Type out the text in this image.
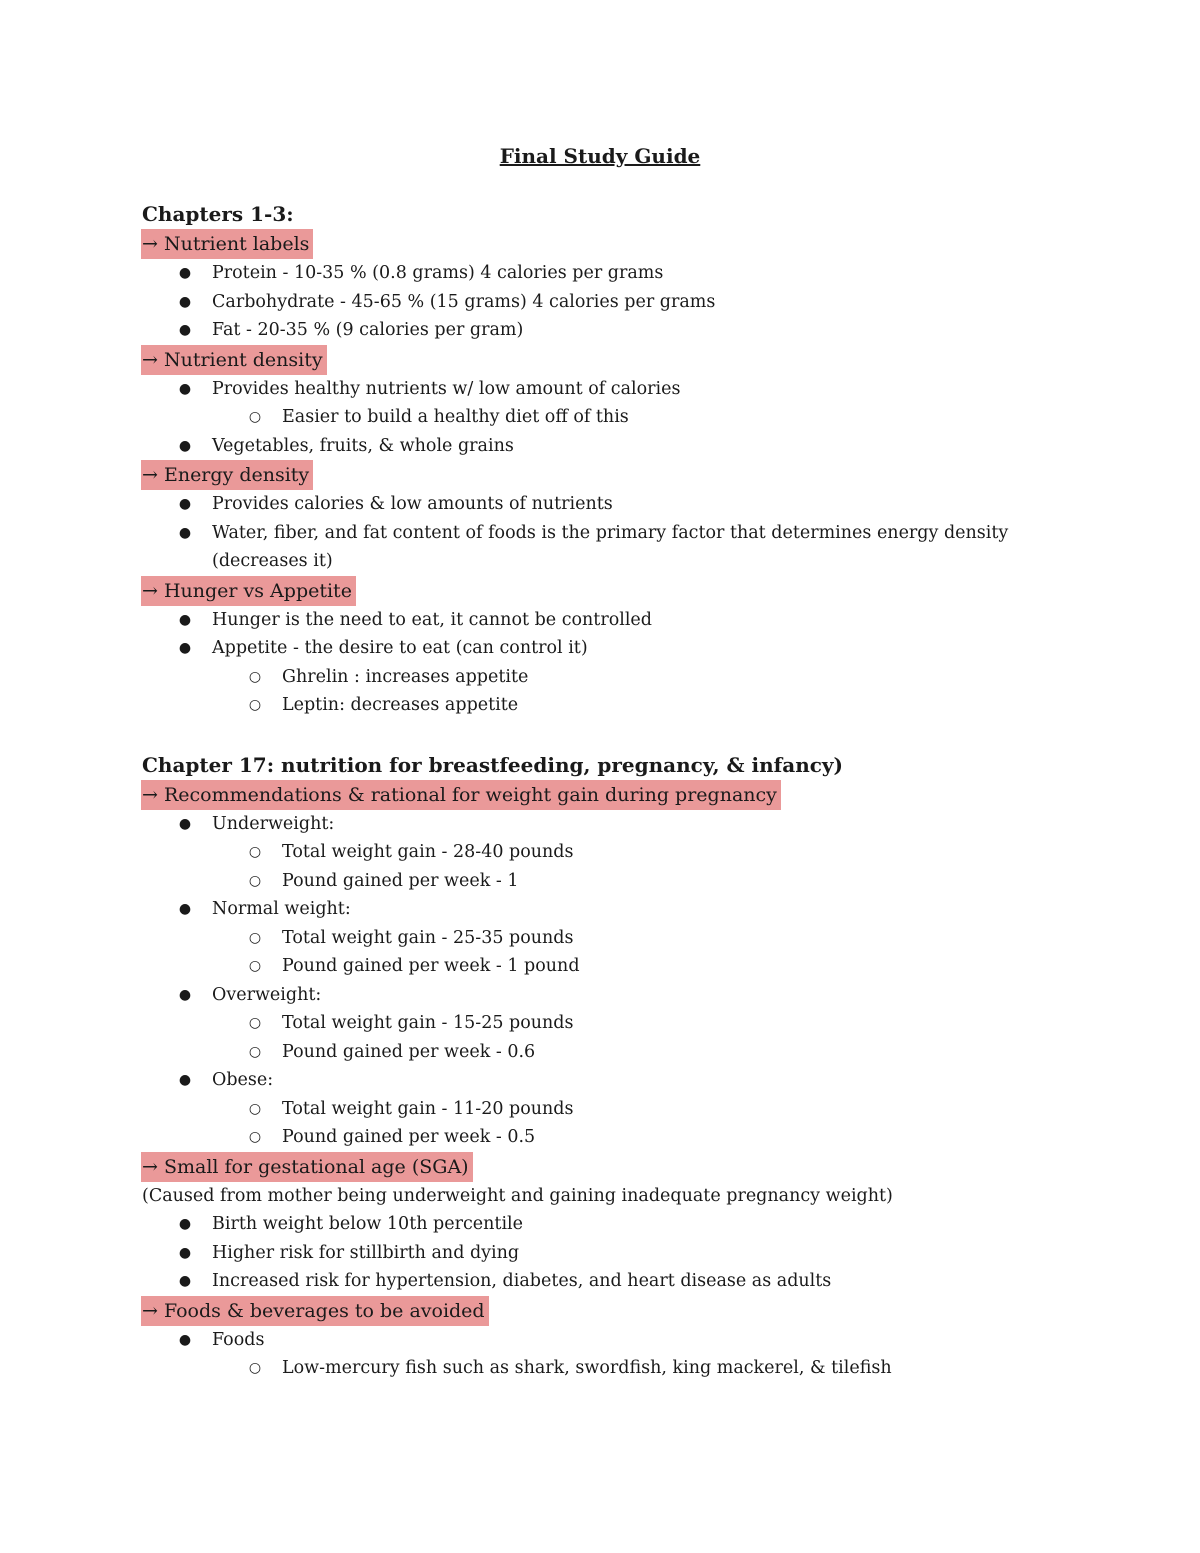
Final Study Guide
Chapters 1-3:
→ Nutrient labels
● Protein - 10-35 % (0.8 grams) 4 calories per grams
● Carbohydrate - 45-65 % (15 grams) 4 calories per grams
● Fat - 20-35 % (9 calories per gram)
→ Nutrient density
● Provides healthy nutrients w/ low amount of calories
○ Easier to build a healthy diet off of this
● Vegetables, fruits, & whole grains
→ Energy density
● Provides calories & low amounts of nutrients
● Water, fiber, and fat content of foods is the primary factor that determines energy density (decreases it)
→ Hunger vs Appetite
● Hunger is the need to eat, it cannot be controlled
● Appetite - the desire to eat (can control it)
○ Ghrelin : increases appetite
○ Leptin: decreases appetite
Chapter 17: nutrition for breastfeeding, pregnancy, & infancy)
→ Recommendations & rational for weight gain during pregnancy
● Underweight:
○ Total weight gain - 28-40 pounds
○ Pound gained per week - 1
● Normal weight:
○ Total weight gain - 25-35 pounds
○ Pound gained per week - 1 pound
● Overweight:
○ Total weight gain - 15-25 pounds
○ Pound gained per week - 0.6
● Obese:
○ Total weight gain - 11-20 pounds
○ Pound gained per week - 0.5
→ Small for gestational age (SGA)
(Caused from mother being underweight and gaining inadequate pregnancy weight)
● Birth weight below 10th percentile
● Higher risk for stillbirth and dying
● Increased risk for hypertension, diabetes, and heart disease as adults
→ Foods & beverages to be avoided
● Foods
○ Low-mercury fish such as shark, swordfish, king mackerel, & tilefish
